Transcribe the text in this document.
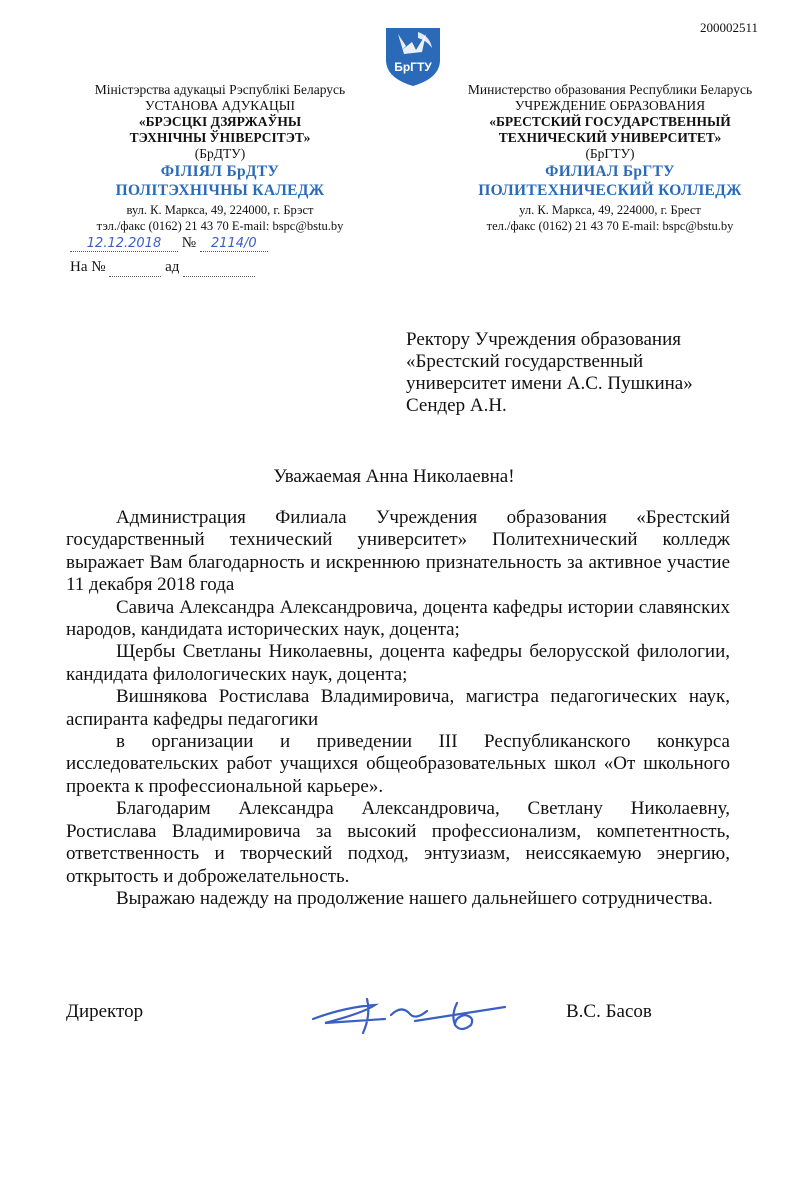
200002511
БрГТУ
Міністэрства адукацыі Рэспублікі Беларусь
УСТАНОВА АДУКАЦЫІ
«БРЭСЦКІ ДЗЯРЖАЎНЫ
ТЭХНІЧНЫ ЎНІВЕРСІТЭТ»
(БрДТУ)
ФІЛІЯЛ БрДТУ
ПОЛІТЭХНІЧНЫ КАЛЕДЖ
вул. К. Маркса, 49, 224000, г. Брэст
тэл./факс (0162) 21 43 70 E-mail: bspc@bstu.by
Министерство образования Республики Беларусь
УЧРЕЖДЕНИЕ ОБРАЗОВАНИЯ
«БРЕСТСКИЙ ГОСУДАРСТВЕННЫЙ
ТЕХНИЧЕСКИЙ УНИВЕРСИТЕТ»
(БрГТУ)
ФИЛИАЛ БрГТУ
ПОЛИТЕХНИЧЕСКИЙ КОЛЛЕДЖ
ул. К. Маркса, 49, 224000, г. Брест
тел./факс (0162) 21 43 70 E-mail: bspc@bstu.by
12.12.2018 № 2114/0
На №	ад
Ректору Учреждения образования
«Брестский государственный
университет имени А.С. Пушкина»
Сендер А.Н.
Уважаемая Анна Николаевна!

Администрация Филиала Учреждения образования «Брестский государственный технический университет» Политехнический колледж выражает Вам благодарность и искреннюю признательность за активное участие 11 декабря 2018 года

Савича Александра Александровича, доцента кафедры истории славянских народов, кандидата исторических наук, доцента;

Щербы Светланы Николаевны, доцента кафедры белорусской филологии, кандидата филологических наук, доцента;

Вишнякова Ростислава Владимировича, магистра педагогических наук, аспиранта кафедры педагогики

в организации и приведении III Республиканского конкурса исследовательских работ учащихся общеобразовательных школ «От школьного проекта к профессиональной карьере».

Благодарим Александра Александровича, Светлану Николаевну, Ростислава Владимировича за высокий профессионализм, компетентность, ответственность и творческий подход, энтузиазм, неиссякаемую энергию, открытость и доброжелательность.

Выражаю надежду на продолжение нашего дальнейшего сотрудничества.

Директор	В.С. Басов
